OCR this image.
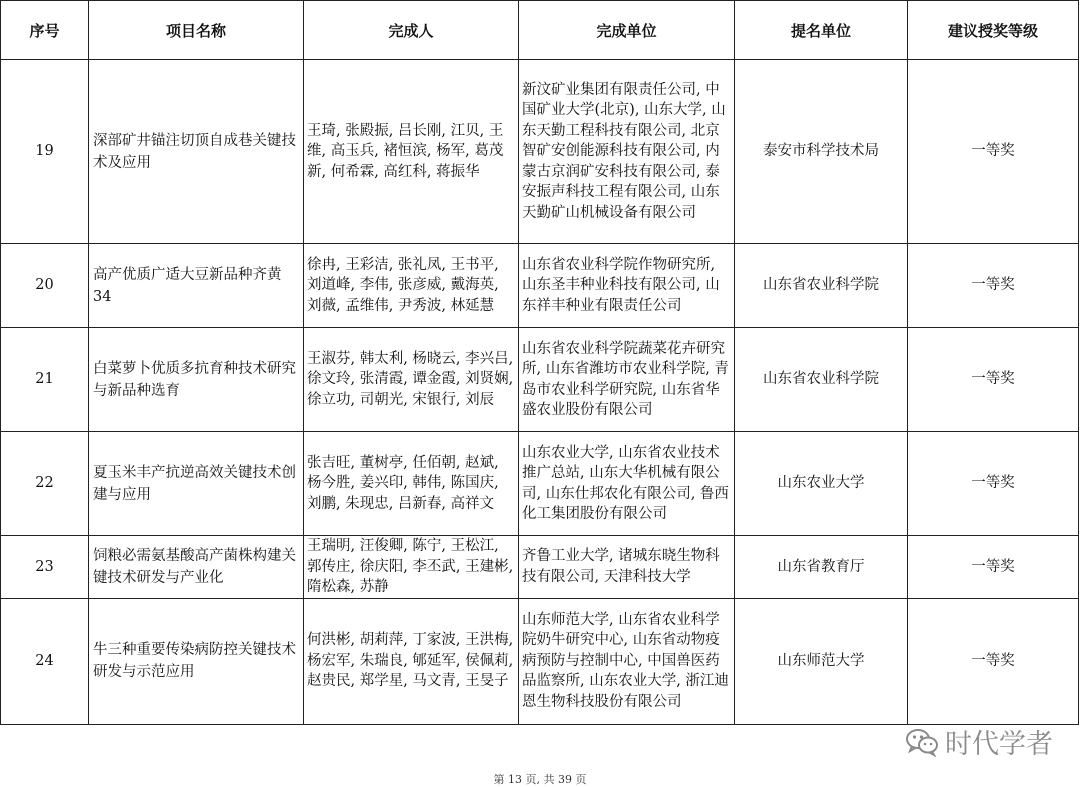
序号	项目名称	完成人	完成单位	提名单位	建议授奖等级
19	深部矿井锚注切顶自成巷关键技术及应用	王琦, 张殿振, 吕长刚, 江贝, 王维, 高玉兵, 褚恒滨, 杨军, 葛茂新, 何希霖, 高红科, 蒋振华	新汶矿业集团有限责任公司, 中国矿业大学(北京), 山东大学, 山东天勤工程科技有限公司, 北京智矿安创能源科技有限公司, 内蒙古京润矿安科技有限公司, 泰安振声科技工程有限公司, 山东天勤矿山机械设备有限公司	泰安市科学技术局	一等奖
20	高产优质广适大豆新品种齐黄34	徐冉, 王彩洁, 张礼凤, 王书平, 刘道峰, 李伟, 张彦威, 戴海英, 刘薇, 孟维伟, 尹秀波, 林延慧	山东省农业科学院作物研究所, 山东圣丰种业科技有限公司, 山东祥丰种业有限责任公司	山东省农业科学院	一等奖
21	白菜萝卜优质多抗育种技术研究与新品种选育	王淑芬, 韩太利, 杨晓云, 李兴吕, 徐文玲, 张清霞, 谭金霞, 刘贤娴, 徐立功, 司朝光, 宋银行, 刘辰	山东省农业科学院蔬菜花卉研究所, 山东省潍坊市农业科学院, 青岛市农业科学研究院, 山东省华盛农业股份有限公司	山东省农业科学院	一等奖
22	夏玉米丰产抗逆高效关键技术创建与应用	张吉旺, 董树亭, 任佰朝, 赵斌, 杨今胜, 姜兴印, 韩伟, 陈国庆, 刘鹏, 朱现忠, 吕新春, 高祥文	山东农业大学, 山东省农业技术推广总站, 山东大华机械有限公司, 山东仕邦农化有限公司, 鲁西化工集团股份有限公司	山东农业大学	一等奖
23	饲粮必需氨基酸高产菌株构建关键技术研发与产业化	王瑞明, 汪俊卿, 陈宁, 王松江, 郭传庄, 徐庆阳, 李丕武, 王建彬, 隋松森, 苏静	齐鲁工业大学, 诸城东晓生物科技有限公司, 天津科技大学	山东省教育厅	一等奖
24	牛三种重要传染病防控关键技术研发与示范应用	何洪彬, 胡莉萍, 丁家波, 王洪梅, 杨宏军, 朱瑞良, 郇延军, 侯佩莉, 赵贵民, 郑学星, 马文青, 王旻子	山东师范大学, 山东省农业科学院奶牛研究中心, 山东省动物疫病预防与控制中心, 中国兽医药品监察所, 山东农业大学, 浙江迪恩生物科技股份有限公司	山东师范大学	一等奖
时代学者
第 13 页, 共 39 页
